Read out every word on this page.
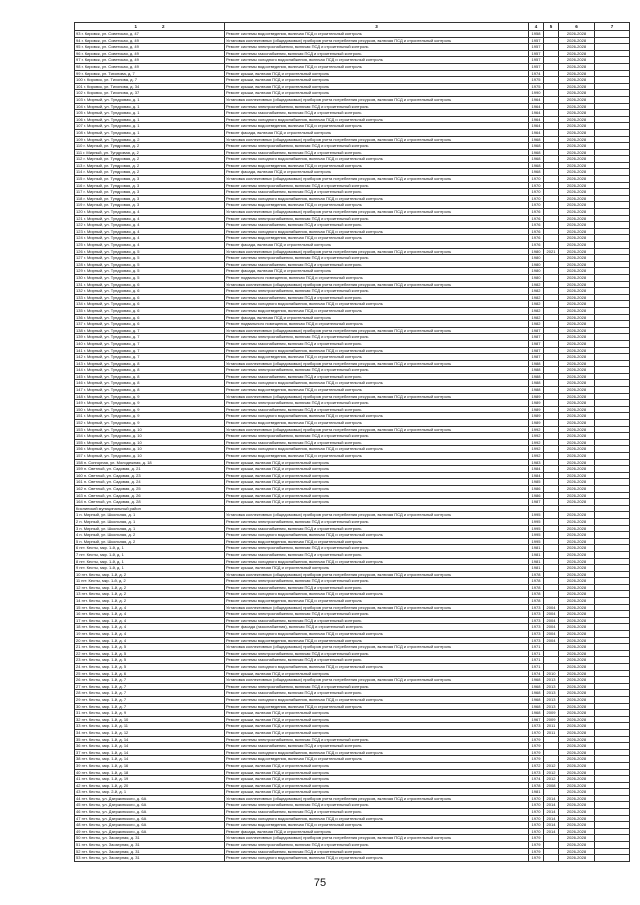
1 2	3	4	5	6	7
93 г. Кировск, ул. Советская, д. 47	Ремонт системы водоотведения, включая ПСД и строительный контроль	1958		2026-2028	
94 г. Кировск, ул. Советская, д. 49	Установка коллективных (общедомовых) приборов учета потребления ресурсов, включая ПСД и строительный контроль	1957		2026-2028	
95 г. Кировск, ул. Советская, д. 49	Ремонт системы электроснабжения, включая ПСД и строительный контроль	1957		2026-2028	
96 г. Кировск, ул. Советская, д. 49	Ремонт системы газоснабжения, включая ПСД и строительный контроль	1957		2026-2028	
97 г. Кировск, ул. Советская, д. 49	Ремонт системы холодного водоснабжения, включая ПСД и строительный контроль	1957		2026-2028	
98 г. Кировск, ул. Советская, д. 49	Ремонт системы водоотведения, включая ПСД и строительный контроль	1957		2026-2028	
99 г. Кировск, ул. Тихонова, д. 7	Ремонт крыши, включая ПСД и строительный контроль	1974		2026-2028	
100 г. Кировск, ул. Тихонова, д. 7	Ремонт крыши, включая ПСД и строительный контроль	1975		2026-2028	
101 г. Кировск, ул. Тихонова, д. 34	Ремонт крыши, включая ПСД и строительный контроль	1975		2026-2028	
102 г. Кировск, ул. Тихонова, д. 37	Ремонт крыши, включая ПСД и строительный контроль	1990		2026-2028	
103 г. Мирный, ул. Тундровая, д. 1	Установка коллективных (общедомовых) приборов учета потребления ресурсов, включая ПСД и строительный контроль	1964		2026-2028	
104 г. Мирный, ул. Тундровая, д. 1	Ремонт системы электроснабжения, включая ПСД и строительный контроль	1964		2026-2028	
105 г. Мирный, ул. Тундровая, д. 1	Ремонт системы газоснабжения, включая ПСД и строительный контроль	1964		2026-2028	
106 г. Мирный, ул. Тундровая, д. 1	Ремонт системы холодного водоснабжения, включая ПСД и строительный контроль	1964		2026-2028	
107 г. Мирный, ул. Тундровая, д. 1	Ремонт системы водоотведения, включая ПСД и строительный контроль	1964		2026-2028	
108 г. Мирный, ул. Тундровая, д. 1	Ремонт фасада, включая ПСД и строительный контроль	1964		2026-2028	
109 г. Мирный, ул. Тундровая, д. 2	Установка коллективных (общедомовых) приборов учета потребления ресурсов, включая ПСД и строительный контроль	1968		2026-2028	
110 г. Мирный, ул. Тундровая, д. 2	Ремонт системы электроснабжения, включая ПСД и строительный контроль	1968		2026-2028	
111 г. Мирный, ул. Тундровая, д. 2	Ремонт системы газоснабжения, включая ПСД и строительный контроль	1968		2026-2028	
112 г. Мирный, ул. Тундровая, д. 2	Ремонт системы холодного водоснабжения, включая ПСД и строительный контроль	1968		2026-2028	
113 г. Мирный, ул. Тундровая, д. 2	Ремонт системы водоотведения, включая ПСД и строительный контроль	1968		2026-2028	
114 г. Мирный, ул. Тундровая, д. 2	Ремонт фасада, включая ПСД и строительный контроль	1968		2026-2028	
115 г. Мирный, ул. Тундровая, д. 3	Установка коллективных (общедомовых) приборов учета потребления ресурсов, включая ПСД и строительный контроль	1970		2026-2028	
116 г. Мирный, ул. Тундровая, д. 3	Ремонт системы электроснабжения, включая ПСД и строительный контроль	1970		2026-2028	
117 г. Мирный, ул. Тундровая, д. 3	Ремонт системы газоснабжения, включая ПСД и строительный контроль	1970		2026-2028	
118 г. Мирный, ул. Тундровая, д. 3	Ремонт системы холодного водоснабжения, включая ПСД и строительный контроль	1970		2026-2028	
119 г. Мирный, ул. Тундровая, д. 3	Ремонт системы водоотведения, включая ПСД и строительный контроль	1970		2026-2028	
120 г. Мирный, ул. Тундровая, д. 4	Установка коллективных (общедомовых) приборов учета потребления ресурсов, включая ПСД и строительный контроль	1976		2026-2028	
121 г. Мирный, ул. Тундровая, д. 4	Ремонт системы электроснабжения, включая ПСД и строительный контроль	1976		2026-2028	
122 г. Мирный, ул. Тундровая, д. 4	Ремонт системы газоснабжения, включая ПСД и строительный контроль	1976		2026-2028	
123 г. Мирный, ул. Тундровая, д. 4	Ремонт системы холодного водоснабжения, включая ПСД и строительный контроль	1976		2026-2028	
124 г. Мирный, ул. Тундровая, д. 4	Ремонт системы водоотведения, включая ПСД и строительный контроль	1976		2026-2028	
125 г. Мирный, ул. Тундровая, д. 4	Ремонт фасада, включая ПСД и строительный контроль	1976		2026-2028	
126 г. Мирный, ул. Тундровая, д. 5	Установка коллективных (общедомовых) приборов учета потребления ресурсов, включая ПСД и строительный контроль	1980	2021	2026-2028	
127 г. Мирный, ул. Тундровая, д. 5	Ремонт системы электроснабжения, включая ПСД и строительный контроль	1980		2026-2028	
128 г. Мирный, ул. Тундровая, д. 5	Ремонт системы газоснабжения, включая ПСД и строительный контроль	1980		2026-2028	
129 г. Мирный, ул. Тундровая, д. 5	Ремонт фасада, включая ПСД и строительный контроль	1980		2026-2028	
130 г. Мирный, ул. Тундровая, д. 5	Ремонт подвального помещения, включая ПСД и строительный контроль	1980		2026-2028	
131 г. Мирный, ул. Тундровая, д. 6	Установка коллективных (общедомовых) приборов учета потребления ресурсов, включая ПСД и строительный контроль	1982		2026-2028	
132 г. Мирный, ул. Тундровая, д. 6	Ремонт системы электроснабжения, включая ПСД и строительный контроль	1982		2026-2028	
133 г. Мирный, ул. Тундровая, д. 6	Ремонт системы газоснабжения, включая ПСД и строительный контроль	1982		2026-2028	
134 г. Мирный, ул. Тундровая, д. 6	Ремонт системы холодного водоснабжения, включая ПСД и строительный контроль	1982		2026-2028	
135 г. Мирный, ул. Тундровая, д. 6	Ремонт системы водоотведения, включая ПСД и строительный контроль	1982		2026-2028	
136 г. Мирный, ул. Тундровая, д. 6	Ремонт фасада, включая ПСД и строительный контроль	1982		2026-2028	
137 г. Мирный, ул. Тундровая, д. 6	Ремонт подвального помещения, включая ПСД и строительный контроль	1982		2026-2028	
138 г. Мирный, ул. Тундровая, д. 7	Установка коллективных (общедомовых) приборов учета потребления ресурсов, включая ПСД и строительный контроль	1987		2026-2028	
139 г. Мирный, ул. Тундровая, д. 7	Ремонт системы электроснабжения, включая ПСД и строительный контроль	1987		2026-2028	
140 г. Мирный, ул. Тундровая, д. 7	Ремонт системы газоснабжения, включая ПСД и строительный контроль	1987		2026-2028	
141 г. Мирный, ул. Тундровая, д. 7	Ремонт системы холодного водоснабжения, включая ПСД и строительный контроль	1987		2026-2028	
142 г. Мирный, ул. Тундровая, д. 7	Ремонт системы водоотведения, включая ПСД и строительный контроль	1987		2026-2028	
143 г. Мирный, ул. Тундровая, д. 8	Установка коллективных (общедомовых) приборов учета потребления ресурсов, включая ПСД и строительный контроль	1988		2026-2028	
144 г. Мирный, ул. Тундровая, д. 8	Ремонт системы электроснабжения, включая ПСД и строительный контроль	1988		2026-2028	
145 г. Мирный, ул. Тундровая, д. 8	Ремонт системы газоснабжения, включая ПСД и строительный контроль	1988		2026-2028	
146 г. Мирный, ул. Тундровая, д. 8	Ремонт системы холодного водоснабжения, включая ПСД и строительный контроль	1988		2026-2028	
147 г. Мирный, ул. Тундровая, д. 8	Ремонт системы водоотведения, включая ПСД и строительный контроль	1988		2026-2028	
148 г. Мирный, ул. Тундровая, д. 9	Установка коллективных (общедомовых) приборов учета потребления ресурсов, включая ПСД и строительный контроль	1989		2026-2028	
149 г. Мирный, ул. Тундровая, д. 9	Ремонт системы электроснабжения, включая ПСД и строительный контроль	1989		2026-2028	
150 г. Мирный, ул. Тундровая, д. 9	Ремонт системы газоснабжения, включая ПСД и строительный контроль	1989		2026-2028	
151 г. Мирный, ул. Тундровая, д. 9	Ремонт системы холодного водоснабжения, включая ПСД и строительный контроль	1989		2026-2028	
152 г. Мирный, ул. Тундровая, д. 9	Ремонт системы водоотведения, включая ПСД и строительный контроль	1989		2026-2028	
153 г. Мирный, ул. Тундровая, д. 10	Установка коллективных (общедомовых) приборов учета потребления ресурсов, включая ПСД и строительный контроль	1992		2026-2028	
154 г. Мирный, ул. Тундровая, д. 10	Ремонт системы электроснабжения, включая ПСД и строительный контроль	1992		2026-2028	
155 г. Мирный, ул. Тундровая, д. 10	Ремонт системы газоснабжения, включая ПСД и строительный контроль	1992		2026-2028	
156 г. Мирный, ул. Тундровая, д. 10	Ремонт системы холодного водоснабжения, включая ПСД и строительный контроль	1992		2026-2028	
157 г. Мирный, ул. Тундровая, д. 10	Ремонт системы водоотведения, включая ПСД и строительный контроль	1992		2026-2028	
158 п. Сопгорная, ул. Молодежная, д. 18	Ремонт крыши, включая ПСД и строительный контроль	1983		2026-2028	
159 п. Светлый, ул. Садовая, д. 21	Ремонт крыши, включая ПСД и строительный контроль	1984		2026-2028	
160 п. Светлый, ул. Садовая, д. 23	Ремонт крыши, включая ПСД и строительный контроль	1984		2026-2028	
161 п. Светлый, ул. Садовая, д. 24	Ремонт крыши, включая ПСД и строительный контроль	1985		2026-2028	
162 п. Светлый, ул. Садовая, д. 25	Ремонт крыши, включая ПСД и строительный контроль	1986		2026-2028	
163 п. Светлый, ул. Садовая, д. 26	Ремонт крыши, включая ПСД и строительный контроль	1986		2026-2028	
164 п. Светлый, ул. Садовая, д. 28	Ремонт крыши, включая ПСД и строительный контроль	1987		2026-2028	
Кислинский муниципальный район					
1 п. Мирный, ул. Школьная, д. 1	Установка коллективных (общедомовых) приборов учета потребления ресурсов, включая ПСД и строительный контроль	1995		2026-2028	
2 п. Мирный, ул. Школьная, д. 1	Ремонт системы электроснабжения, включая ПСД и строительный контроль	1995		2026-2028	
3 п. Мирный, ул. Школьная, д. 1	Ремонт системы газоснабжения, включая ПСД и строительный контроль	1995		2026-2028	
4 п. Мирный, ул. Школьная, д. 2	Ремонт системы холодного водоснабжения, включая ПСД и строительный контроль	1995		2026-2028	
5 п. Мирный, ул. Школьная, д. 2	Ремонт системы водоотведения, включая ПСД и строительный контроль	1995		2026-2028	
6 пгт. Кесты, мкр. 1-й, д. 1	Ремонт системы электроснабжения, включая ПСД и строительный контроль	1981		2026-2028	
7 пгт. Кесты, мкр. 1-й, д. 1	Ремонт системы газоснабжения, включая ПСД и строительный контроль	1981		2026-2028	
8 пгт. Кесты, мкр. 1-й, д. 1	Ремонт системы холодного водоснабжения, включая ПСД и строительный контроль	1981		2026-2028	
9 пгт. Кесты, мкр. 1-й, д. 1	Ремонт крыши, включая ПСД и строительный контроль	1981		2026-2028	
10 пгт. Кесты, мкр. 1-й, д. 2	Установка коллективных (общедомовых) приборов учета потребления ресурсов, включая ПСД и строительный контроль	1978		2026-2028	
11 пгт. Кесты, мкр. 1-й, д. 2	Ремонт системы электроснабжения, включая ПСД и строительный контроль	1978		2026-2028	
12 пгт. Кесты, мкр. 1-й, д. 2	Ремонт системы газоснабжения, включая ПСД и строительный контроль	1978		2026-2028	
13 пгт. Кесты, мкр. 1-й, д. 2	Ремонт системы холодного водоснабжения, включая ПСД и строительный контроль	1978		2026-2028	
14 пгт. Кесты, мкр. 1-й, д. 2	Ремонт системы водоотведения, включая ПСД и строительный контроль	1978		2026-2028	
15 пгт. Кесты, мкр. 1-й, д. 4	Установка коллективных (общедомовых) приборов учета потребления ресурсов, включая ПСД и строительный контроль	1973	2004	2026-2028	
16 пгт. Кесты, мкр. 1-й, д. 4	Ремонт системы электроснабжения, включая ПСД и строительный контроль	1973	2004	2026-2028	
17 пгт. Кесты, мкр. 1-й, д. 4	Ремонт системы газоснабжения, включая ПСД и строительный контроль	1973	2004	2026-2028	
18 пгт. Кесты, мкр. 1-й, д. 4	Ремонт фасада (газоснабжения), включая ПСД и строительный контроль	1973	2004	2026-2028	
19 пгт. Кесты, мкр. 1-й, д. 4	Ремонт системы холодного водоснабжения, включая ПСД и строительный контроль	1973	2004	2026-2028	
20 пгт. Кесты, мкр. 1-й, д. 4	Ремонт системы водоотведения, включая ПСД и строительный контроль	1973	2004	2026-2028	
21 пгт. Кесты, мкр. 1-й, д. 5	Установка коллективных (общедомовых) приборов учета потребления ресурсов, включая ПСД и строительный контроль	1971		2026-2028	
22 пгт. Кесты, мкр. 1-й, д. 5	Ремонт системы электроснабжения, включая ПСД и строительный контроль	1971		2026-2028	
23 пгт. Кесты, мкр. 1-й, д. 5	Ремонт системы газоснабжения, включая ПСД и строительный контроль	1971		2026-2028	
24 пгт. Кесты, мкр. 1-й, д. 5	Ремонт системы холодного водоснабжения, включая ПСД и строительный контроль	1971		2026-2028	
25 пгт. Кесты, мкр. 1-й, д. 6	Ремонт крыши, включая ПСД и строительный контроль	1974	2010	2026-2028	
26 пгт. Кесты, мкр. 1-й, д. 7	Установка коллективных (общедомовых) приборов учета потребления ресурсов, включая ПСД и строительный контроль	1968	2013	2026-2028	
27 пгт. Кесты, мкр. 1-й, д. 7	Ремонт системы электроснабжения, включая ПСД и строительный контроль	1968	2013	2026-2028	
28 пгт. Кесты, мкр. 1-й, д. 7	Ремонт системы газоснабжения, включая ПСД и строительный контроль	1968	2013	2026-2028	
29 пгт. Кесты, мкр. 1-й, д. 7	Ремонт системы холодного водоснабжения, включая ПСД и строительный контроль	1968	2013	2026-2028	
30 пгт. Кесты, мкр. 1-й, д. 7	Ремонт системы водоотведения, включая ПСД и строительный контроль	1968	2013	2026-2028	
31 пгт. Кесты, мкр. 1-й, д. 9	Ремонт крыши, включая ПСД и строительный контроль	1968	2009	2026-2028	
32 пгт. Кесты, мкр. 1-й, д. 10	Ремонт крыши, включая ПСД и строительный контроль	1967	2009	2026-2028	
33 пгт. Кесты, мкр. 1-й, д. 11	Ремонт крыши, включая ПСД и строительный контроль	1973	2011	2026-2028	
34 пгт. Кесты, мкр. 1-й, д. 12	Ремонт крыши, включая ПСД и строительный контроль	1970	2011	2026-2028	
35 пгт. Кесты, мкр. 1-й, д. 14	Ремонт системы электроснабжения, включая ПСД и строительный контроль	1979		2026-2028	
36 пгт. Кесты, мкр. 1-й, д. 14	Ремонт системы газоснабжения, включая ПСД и строительный контроль	1979		2026-2028	
37 пгт. Кесты, мкр. 1-й, д. 14	Ремонт системы холодного водоснабжения, включая ПСД и строительный контроль	1979		2026-2028	
38 пгт. Кесты, мкр. 1-й, д. 14	Ремонт системы водоотведения, включая ПСД и строительный контроль	1979		2026-2028	
39 пгт. Кесты, мкр. 1-й, д. 16	Ремонт крыши, включая ПСД и строительный контроль	1972	2012	2026-2028	
40 пгт. Кесты, мкр. 1-й, д. 18	Ремонт крыши, включая ПСД и строительный контроль	1973	2012	2026-2028	
41 пгт. Кесты, мкр. 1-й, д. 19	Ремонт крыши, включая ПСД и строительный контроль	1974	2012	2026-2028	
42 пгт. Кесты, мкр. 1-й, д. 20	Ремонт крыши, включая ПСД и строительный контроль	1978	2008	2026-2028	
43 пгт. Кесты, мкр. 2-й, д. 1	Ремонт крыши, включая ПСД и строительный контроль	1981		2026-2028	
44 пгт. Кесты, ул. Дзержинского, д. 6А	Установка коллективных (общедомовых) приборов учета потребления ресурсов, включая ПСД и строительный контроль	1970	2014	2026-2028	
45 пгт. Кесты, ул. Дзержинского, д. 6А	Ремонт системы электроснабжения, включая ПСД и строительный контроль	1970	2014	2026-2028	
46 пгт. Кесты, ул. Дзержинского, д. 6А	Ремонт системы газоснабжения, включая ПСД и строительный контроль	1970	2014	2026-2028	
47 пгт. Кесты, ул. Дзержинского, д. 6А	Ремонт системы холодного водоснабжения, включая ПСД и строительный контроль	1970	2014	2026-2028	
48 пгт. Кесты, ул. Дзержинского, д. 6А	Ремонт системы водоотведения, включая ПСД и строительный контроль	1970	2014	2026-2028	
49 пгт. Кесты, ул. Дзержинского, д. 6А	Ремонт фасада, включая ПСД и строительный контроль	1970	2014	2026-2028	
50 пгт. Кесты, ул. Заозерная, д. 31	Установка коллективных (общедомовых) приборов учета потребления ресурсов, включая ПСД и строительный контроль	1979		2026-2028	
51 пгт. Кесты, ул. Заозерная, д. 31	Ремонт системы электроснабжения, включая ПСД и строительный контроль	1979		2026-2028	
52 пгт. Кесты, ул. Заозерная, д. 31	Ремонт системы газоснабжения, включая ПСД и строительный контроль	1979		2026-2028	
53 пгт. Кесты, ул. Заозерная, д. 31	Ремонт системы холодного водоснабжения, включая ПСД и строительный контроль	1979		2026-2028	
75
